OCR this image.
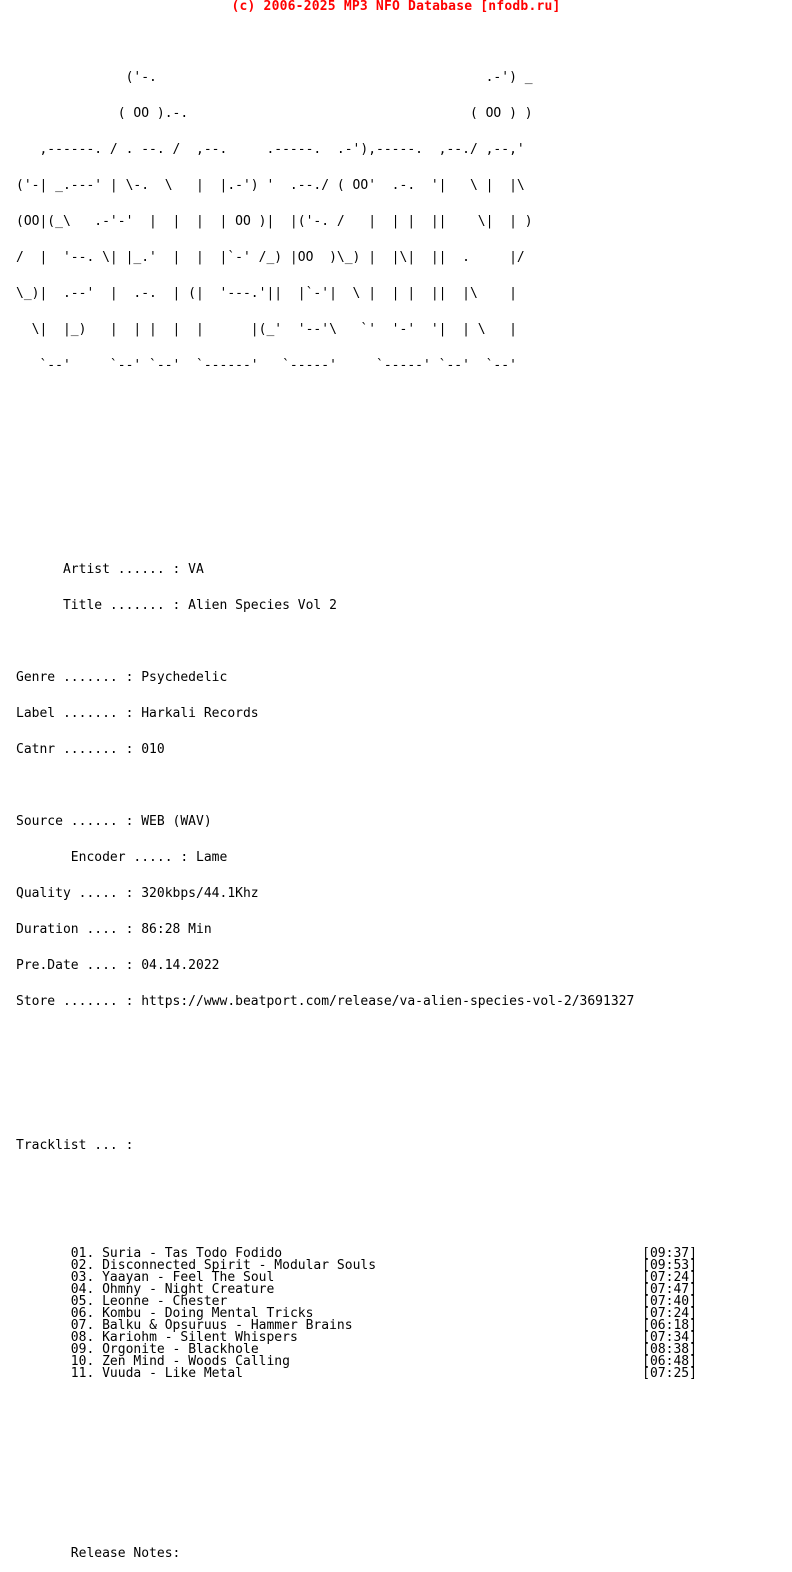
(c) 2006-2025 MP3 NFO Database [nfodb.ru]

('-.                                          .-') _

( OO ).-.                                    ( OO ) )

,------. / . --. /  ,--.     .-----.  .-'),-----.  ,--./ ,--,'

('-| _.---' | \-.  \   |  |.-') '  .--./ ( OO'  .-.  '|   \ |  |\

(OO|(_\   .-'-'  |  |  |  | OO )|  |('-. /   |  | |  ||    \|  | )

/  |  '--. \| |_.'  |  |  |`-' /_) |OO  )\_) |  |\|  ||  .     |/

\_)|  .--'  |  .-.  | (|  '---.'||  |`-'|  \ |  | |  ||  |\    |

\|  |_)   |  | |  |  |      |(_'  '--'\   `'  '-'  '|  | \   |

`--'     `--' `--'  `------'   `-----'     `-----' `--'  `--'

Artist ...... : VA

Title ....... : Alien Species Vol 2

Genre ....... : Psychedelic

Label ....... : Harkali Records

Catnr ....... : 010

Source ...... : WEB (WAV)

Encoder ..... : Lame

Quality ..... : 320kbps/44.1Khz

Duration .... : 86:28 Min

Pre.Date .... : 04.14.2022

Store ....... : https://www.beatport.com/release/va-alien-species-vol-2/3691327

Tracklist ... :

01. Suria - Tas Todo Fodido	[09:37]
02. Disconnected Spirit - Modular Souls	[09:53]
03. Yaayan - Feel The Soul	[07:24]
04. Ohmny - Night Creature	[07:47]
05. Leonne - Chester	[07:40]
06. Kombu - Doing Mental Tricks	[07:24]
07. Balku & Opsuruus - Hammer Brains	[06:18]
08. Kariohm - Silent Whispers	[07:34]
09. Orgonite - Blackhole	[08:38]
10. Zen Mind - Woods Calling	[06:48]
11. Vuuda - Like Metal	[07:25]

Release Notes:
